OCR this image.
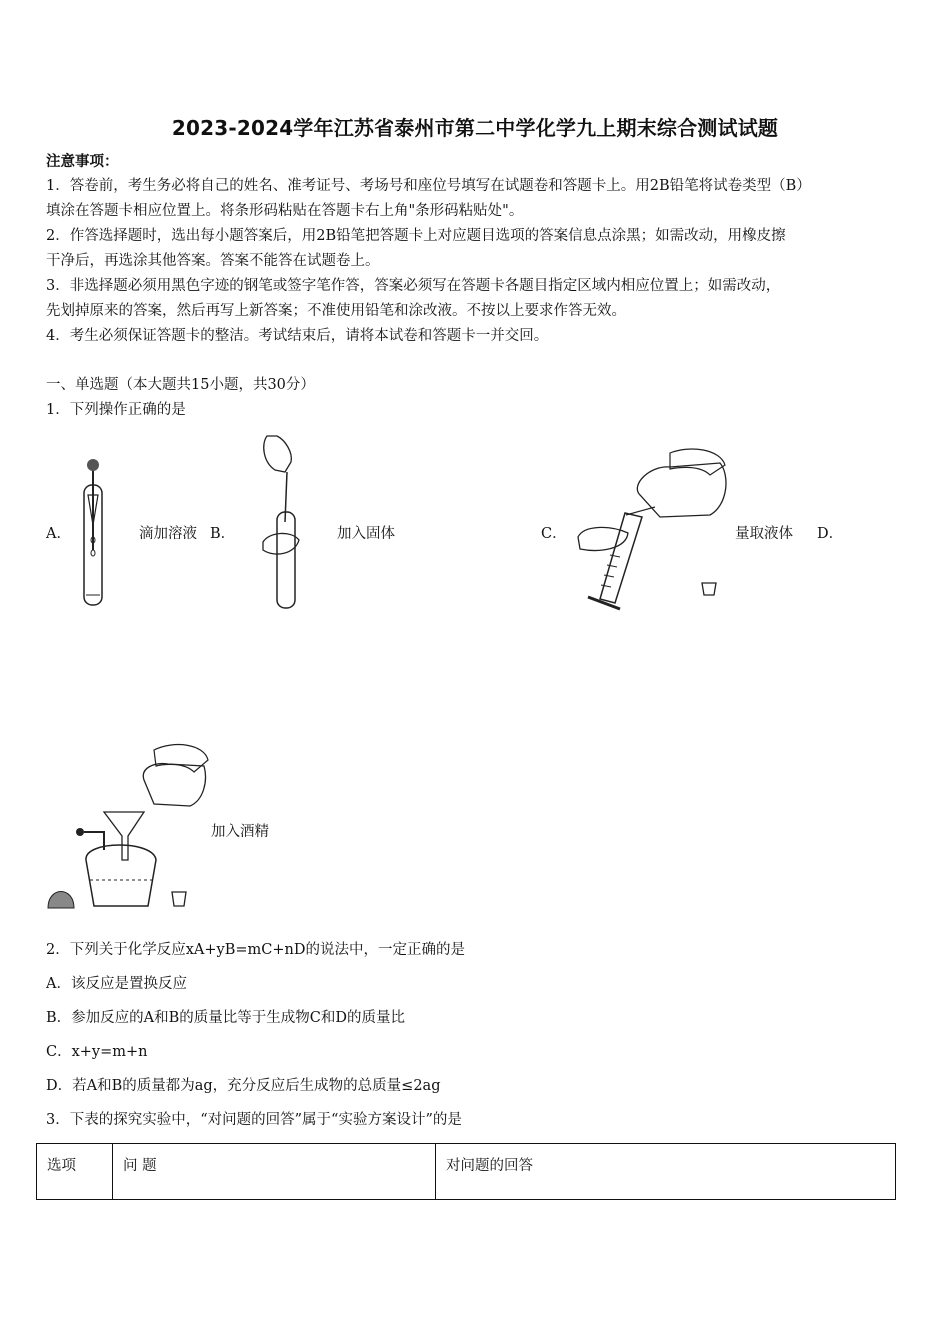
2023-2024学年江苏省泰州市第二中学化学九上期末综合测试试题
注意事项：
1．答卷前，考生务必将自己的姓名、准考证号、考场号和座位号填写在试题卷和答题卡上。用2B铅笔将试卷类型（B）
填涂在答题卡相应位置上。将条形码粘贴在答题卡右上角"条形码粘贴处"。
2．作答选择题时，选出每小题答案后，用2B铅笔把答题卡上对应题目选项的答案信息点涂黑；如需改动，用橡皮擦
干净后，再选涂其他答案。答案不能答在试题卷上。
3．非选择题必须用黑色字迹的钢笔或签字笔作答，答案必须写在答题卡各题目指定区域内相应位置上；如需改动，
先划掉原来的答案，然后再写上新答案；不准使用铅笔和涂改液。不按以上要求作答无效。
4．考生必须保证答题卡的整洁。考试结束后，请将本试卷和答题卡一并交回。
一、单选题（本大题共15小题，共30分）
1．下列操作正确的是
A．	滴加溶液 B．	加入固体	C．	量取液体 D．
加入酒精
2．下列关于化学反应xA+yB=mC+nD的说法中，一定正确的是
A．该反应是置换反应
B．参加反应的A和B的质量比等于生成物C和D的质量比
C．x+y=m+n
D．若A和B的质量都为ag，充分反应后生成物的总质量≤2ag
3．下表的探究实验中，“对问题的回答”属于“实验方案设计”的是
选项	问 题	对问题的回答
